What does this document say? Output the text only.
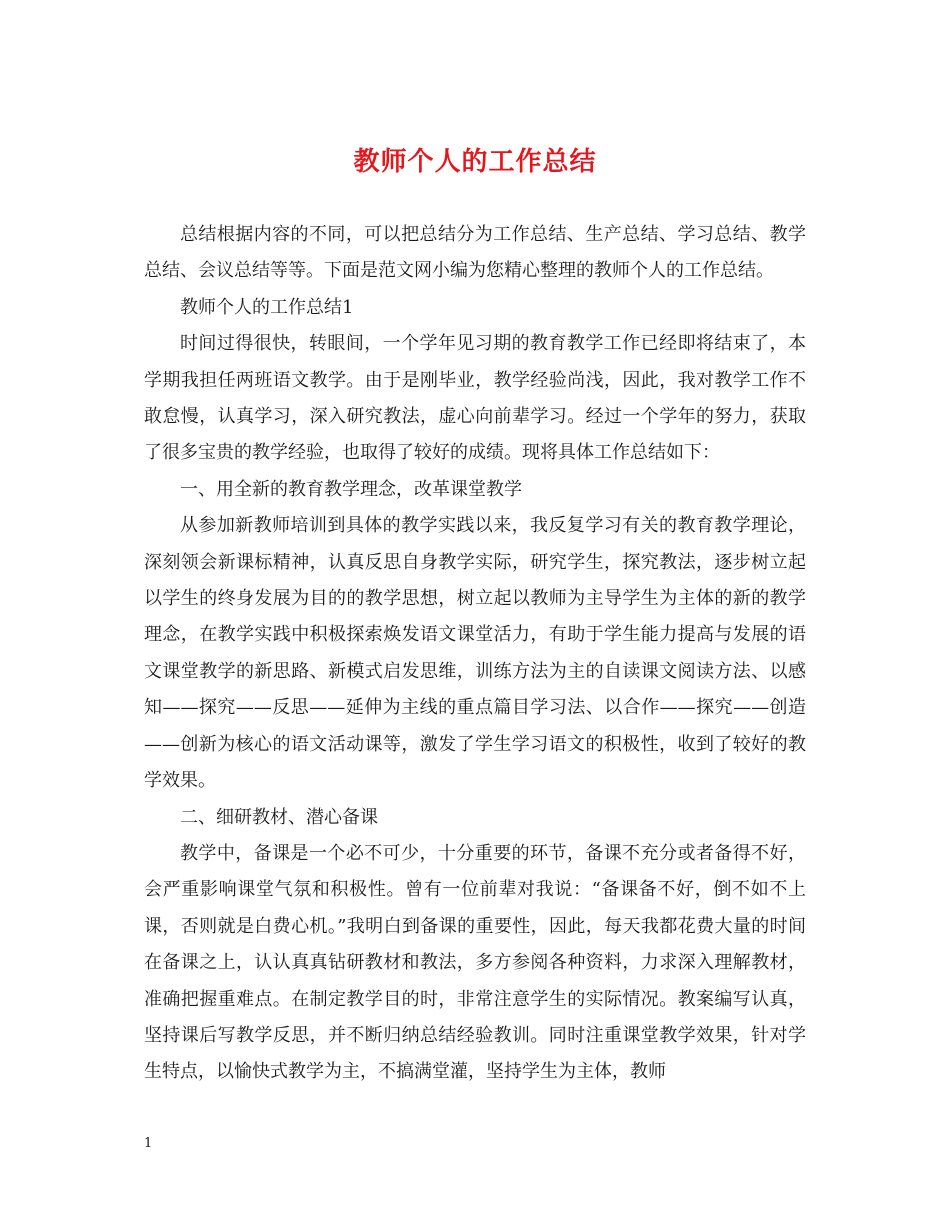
教师个人的工作总结

总结根据内容的不同，可以把总结分为工作总结、生产总结、学习总结、教学总结、会议总结等等。下面是范文网小编为您精心整理的教师个人的工作总结。

教师个人的工作总结1

时间过得很快，转眼间，一个学年见习期的教育教学工作已经即将结束了，本学期我担任两班语文教学。由于是刚毕业，教学经验尚浅，因此，我对教学工作不敢怠慢，认真学习，深入研究教法，虚心向前辈学习。经过一个学年的努力，获取了很多宝贵的教学经验，也取得了较好的成绩。现将具体工作总结如下：

一、用全新的教育教学理念，改革课堂教学

从参加新教师培训到具体的教学实践以来，我反复学习有关的教育教学理论，深刻领会新课标精神，认真反思自身教学实际，研究学生，探究教法，逐步树立起以学生的终身发展为目的的教学思想，树立起以教师为主导学生为主体的新的教学理念，在教学实践中积极探索焕发语文课堂活力，有助于学生能力提高与发展的语文课堂教学的新思路、新模式启发思维，训练方法为主的自读课文阅读方法、以感知——探究——反思——延伸为主线的重点篇目学习法、以合作——探究——创造——创新为核心的语文活动课等，激发了学生学习语文的积极性，收到了较好的教学效果。

二、细研教材、潜心备课

教学中，备课是一个必不可少，十分重要的环节，备课不充分或者备得不好，会严重影响课堂气氛和积极性。曾有一位前辈对我说：“备课备不好，倒不如不上课，否则就是白费心机。”我明白到备课的重要性，因此，每天我都花费大量的时间在备课之上，认认真真钻研教材和教法，多方参阅各种资料，力求深入理解教材，准确把握重难点。在制定教学目的时，非常注意学生的实际情况。教案编写认真，坚持课后写教学反思，并不断归纳总结经验教训。同时注重课堂教学效果，针对学生特点，以愉快式教学为主，不搞满堂灌，坚持学生为主体，教师

1
